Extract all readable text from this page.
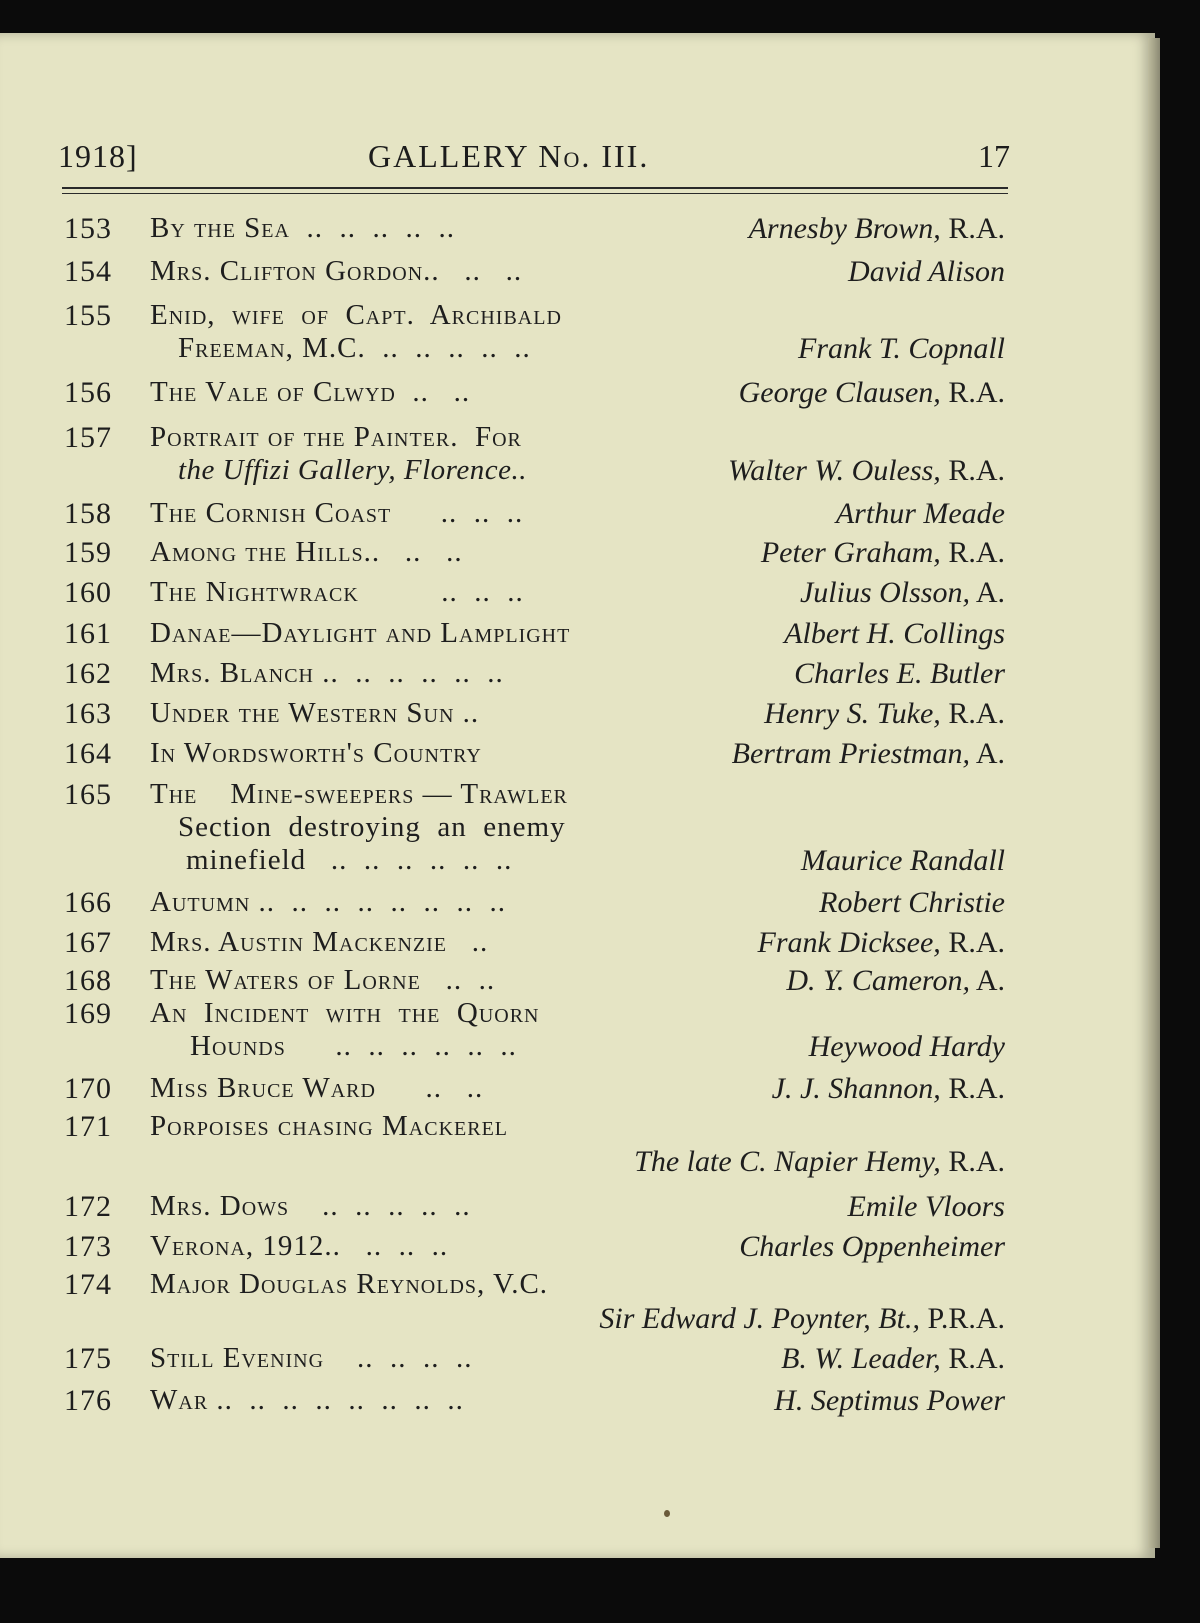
1918]	GALLERY No. III.	17
153 By the Sea  ..  ..  ..  ..  ..	Arnesby Brown, R.A.
154 Mrs. Clifton Gordon..   ..   ..	David Alison
155 Enid,  wife  of  Capt.  Archibald
Freeman, M.C.  ..  ..  ..  ..  ..	Frank T. Copnall
156 The Vale of Clwyd  ..   ..	George Clausen, R.A.
157 Portrait of the Painter.  For
the Uffizi Gallery, Florence..	Walter W. Ouless, R.A.
158 The Cornish Coast      ..  ..  ..	Arthur Meade
159 Among the Hills..   ..   ..	Peter Graham, R.A.
160 The Nightwrack          ..  ..  ..	Julius Olsson, A.
161 Danae—Daylight and Lamplight	Albert H. Collings
162 Mrs. Blanch ..  ..  ..  ..  ..  ..	Charles E. Butler
163 Under the Western Sun ..	Henry S. Tuke, R.A.
164 In Wordsworth's Country	Bertram Priestman, A.
165 The    Mine-sweepers — Trawler
Section  destroying  an  enemy
minefield   ..  ..  ..  ..  ..  ..	Maurice Randall
166 Autumn ..  ..  ..  ..  ..  ..  ..  ..	Robert Christie
167 Mrs. Austin Mackenzie   ..	Frank Dicksee, R.A.
168 The Waters of Lorne   ..  ..	D. Y. Cameron, A.
169 An  Incident  with  the  Quorn
Hounds      ..  ..  ..  ..  ..  ..	Heywood Hardy
170 Miss Bruce Ward      ..   ..	J. J. Shannon, R.A.
171 Porpoises chasing Mackerel
The late C. Napier Hemy, R.A.
172 Mrs. Dows    ..  ..  ..  ..  ..	Emile Vloors
173 Verona, 1912..   ..  ..  ..	Charles Oppenheimer
174 Major Douglas Reynolds, V.C.
Sir Edward J. Poynter, Bt., P.R.A.
175 Still Evening    ..  ..  ..  ..	B. W. Leader, R.A.
176 War ..  ..  ..  ..  ..  ..  ..  ..	H. Septimus Power
